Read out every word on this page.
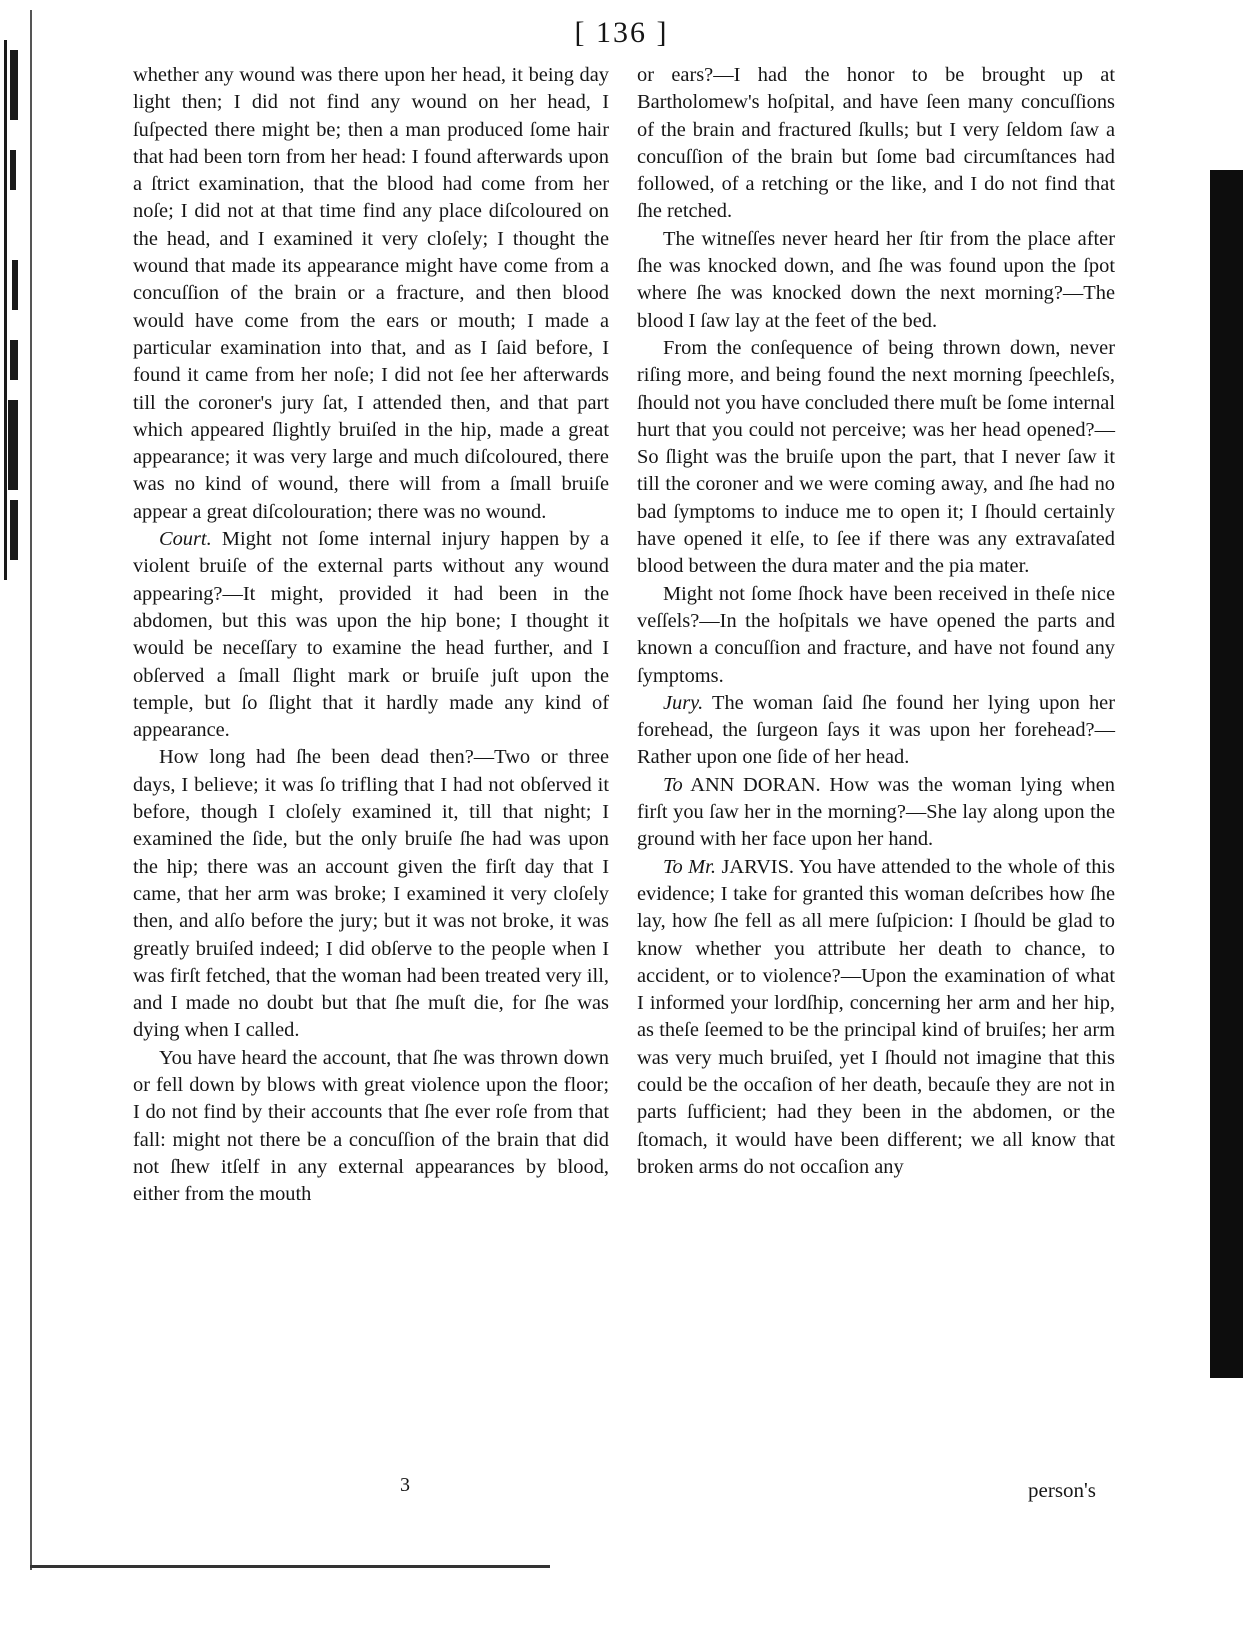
[ 136 ]

whether any wound was there upon her head, it being day light then; I did not find any wound on her head, I ſuſpected there might be; then a man produced ſome hair that had been torn from her head: I found afterwards upon a ſtrict examination, that the blood had come from her noſe; I did not at that time find any place diſcoloured on the head, and I examined it very cloſely; I thought the wound that made its appearance might have come from a concuſſion of the brain or a fracture, and then blood would have come from the ears or mouth; I made a particular examination into that, and as I ſaid before, I found it came from her noſe; I did not ſee her afterwards till the coroner's jury ſat, I attended then, and that part which appeared ſlightly bruiſed in the hip, made a great appearance; it was very large and much diſcoloured, there was no kind of wound, there will from a ſmall bruiſe appear a great diſcolouration; there was no wound.

Court. Might not ſome internal injury happen by a violent bruiſe of the external parts without any wound appearing?—It might, provided it had been in the abdomen, but this was upon the hip bone; I thought it would be neceſſary to examine the head further, and I obſerved a ſmall ſlight mark or bruiſe juſt upon the temple, but ſo ſlight that it hardly made any kind of appearance.

How long had ſhe been dead then?—Two or three days, I believe; it was ſo trifling that I had not obſerved it before, though I cloſely examined it, till that night; I examined the ſide, but the only bruiſe ſhe had was upon the hip; there was an account given the firſt day that I came, that her arm was broke; I examined it very cloſely then, and alſo before the jury; but it was not broke, it was greatly bruiſed indeed; I did obſerve to the people when I was firſt fetched, that the woman had been treated very ill, and I made no doubt but that ſhe muſt die, for ſhe was dying when I called.

You have heard the account, that ſhe was thrown down or fell down by blows with great violence upon the floor; I do not find by their accounts that ſhe ever roſe from that fall: might not there be a concuſſion of the brain that did not ſhew itſelf in any external appearances by blood, either from the mouth

or ears?—I had the honor to be brought up at Bartholomew's hoſpital, and have ſeen many concuſſions of the brain and fractured ſkulls; but I very ſeldom ſaw a concuſſion of the brain but ſome bad circumſtances had followed, of a retching or the like, and I do not find that ſhe retched.

The witneſſes never heard her ſtir from the place after ſhe was knocked down, and ſhe was found upon the ſpot where ſhe was knocked down the next morning?—The blood I ſaw lay at the feet of the bed.

From the conſequence of being thrown down, never riſing more, and being found the next morning ſpeechleſs, ſhould not you have concluded there muſt be ſome internal hurt that you could not perceive; was her head opened?—So ſlight was the bruiſe upon the part, that I never ſaw it till the coroner and we were coming away, and ſhe had no bad ſymptoms to induce me to open it; I ſhould certainly have opened it elſe, to ſee if there was any extravaſated blood between the dura mater and the pia mater.

Might not ſome ſhock have been received in theſe nice veſſels?—In the hoſpitals we have opened the parts and known a concuſſion and fracture, and have not found any ſymptoms.

Jury. The woman ſaid ſhe found her lying upon her forehead, the ſurgeon ſays it was upon her forehead?—Rather upon one ſide of her head.

To ANN DORAN. How was the woman lying when firſt you ſaw her in the morning?—She lay along upon the ground with her face upon her hand.

To Mr. JARVIS. You have attended to the whole of this evidence; I take for granted this woman deſcribes how ſhe lay, how ſhe fell as all mere ſuſpicion: I ſhould be glad to know whether you attribute her death to chance, to accident, or to violence?—Upon the examination of what I informed your lordſhip, concerning her arm and her hip, as theſe ſeemed to be the principal kind of bruiſes; her arm was very much bruiſed, yet I ſhould not imagine that this could be the occaſion of her death, becauſe they are not in parts ſufficient; had they been in the abdomen, or the ſtomach, it would have been different; we all know that broken arms do not occaſion any

3	person's
